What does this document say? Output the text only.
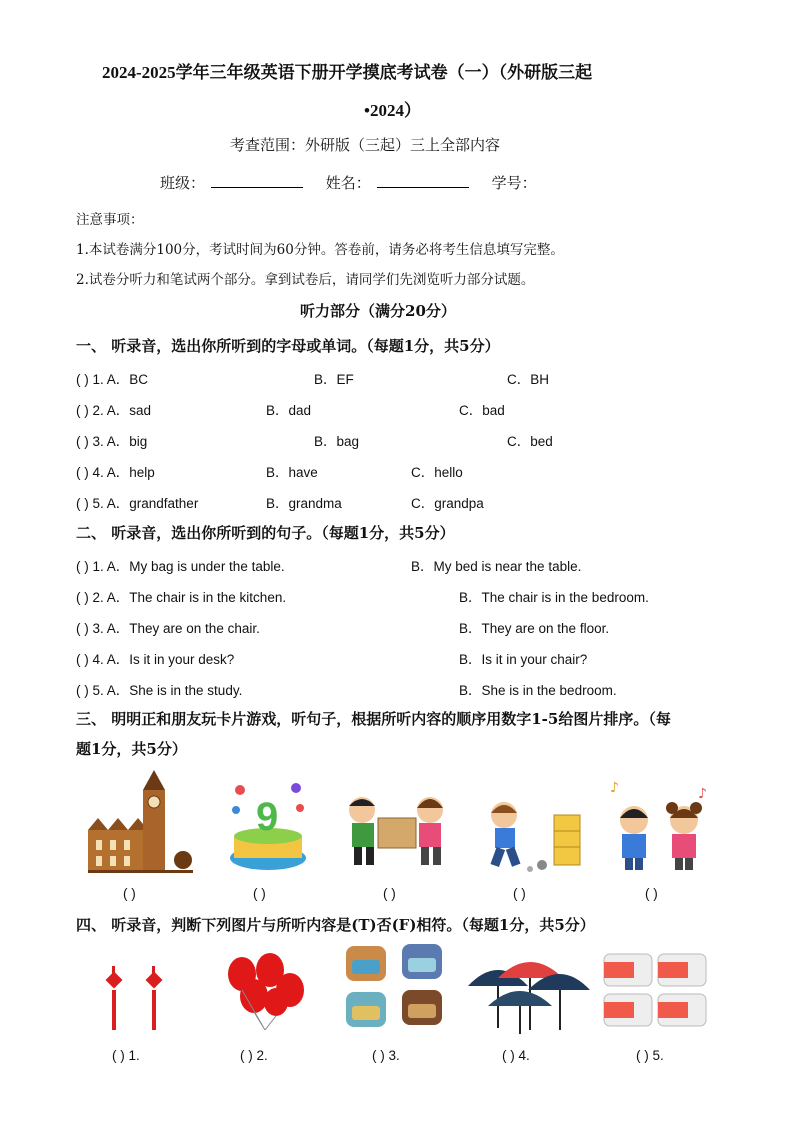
2024-2025学年三年级英语下册开学摸底考试卷（一）（外研版三起
•2024）
考查范围：外研版（三起）三上全部内容
班级：	姓名：	学号：
注意事项：
1.本试卷满分100分，考试时间为60分钟。答卷前，请务必将考生信息填写完整。
2.试卷分听力和笔试两个部分。拿到试卷后，请同学们先浏览听力部分试题。
听力部分（满分20分）
一、 听录音，选出你所听到的字母或单词。（每题1分，共5分）
( ) 1. A．BC	B．EF	C．BH
( ) 2. A．sad	B．dad	C．bad
( ) 3. A．big	B．bag	C．bed
( ) 4. A．help	B．have	C．hello
( ) 5. A．grandfather	B．grandma	C．grandpa
二、 听录音，选出你所听到的句子。（每题1分，共5分）
( ) 1. A．My bag is under the table.	B．My bed is near the table.
( ) 2. A．The chair is in the kitchen.	B．The chair is in the bedroom.
( ) 3. A．They are on the chair.	B．They are on the floor.
( ) 4. A．Is it in your desk?	B．Is it in your chair?
( ) 5. A．She is in the study.	B．She is in the bedroom.
三、 明明正和朋友玩卡片游戏，听句子，根据所听内容的顺序用数字1-5给图片排序。（每
题1分，共5分）
9
♪	♪
( )	( )	( )	( )	( )
四、 听录音，判断下列图片与所听内容是(T)否(F)相符。（每题1分，共5分）
( ) 1.	( ) 2.	( ) 3.	( ) 4.	( ) 5.
